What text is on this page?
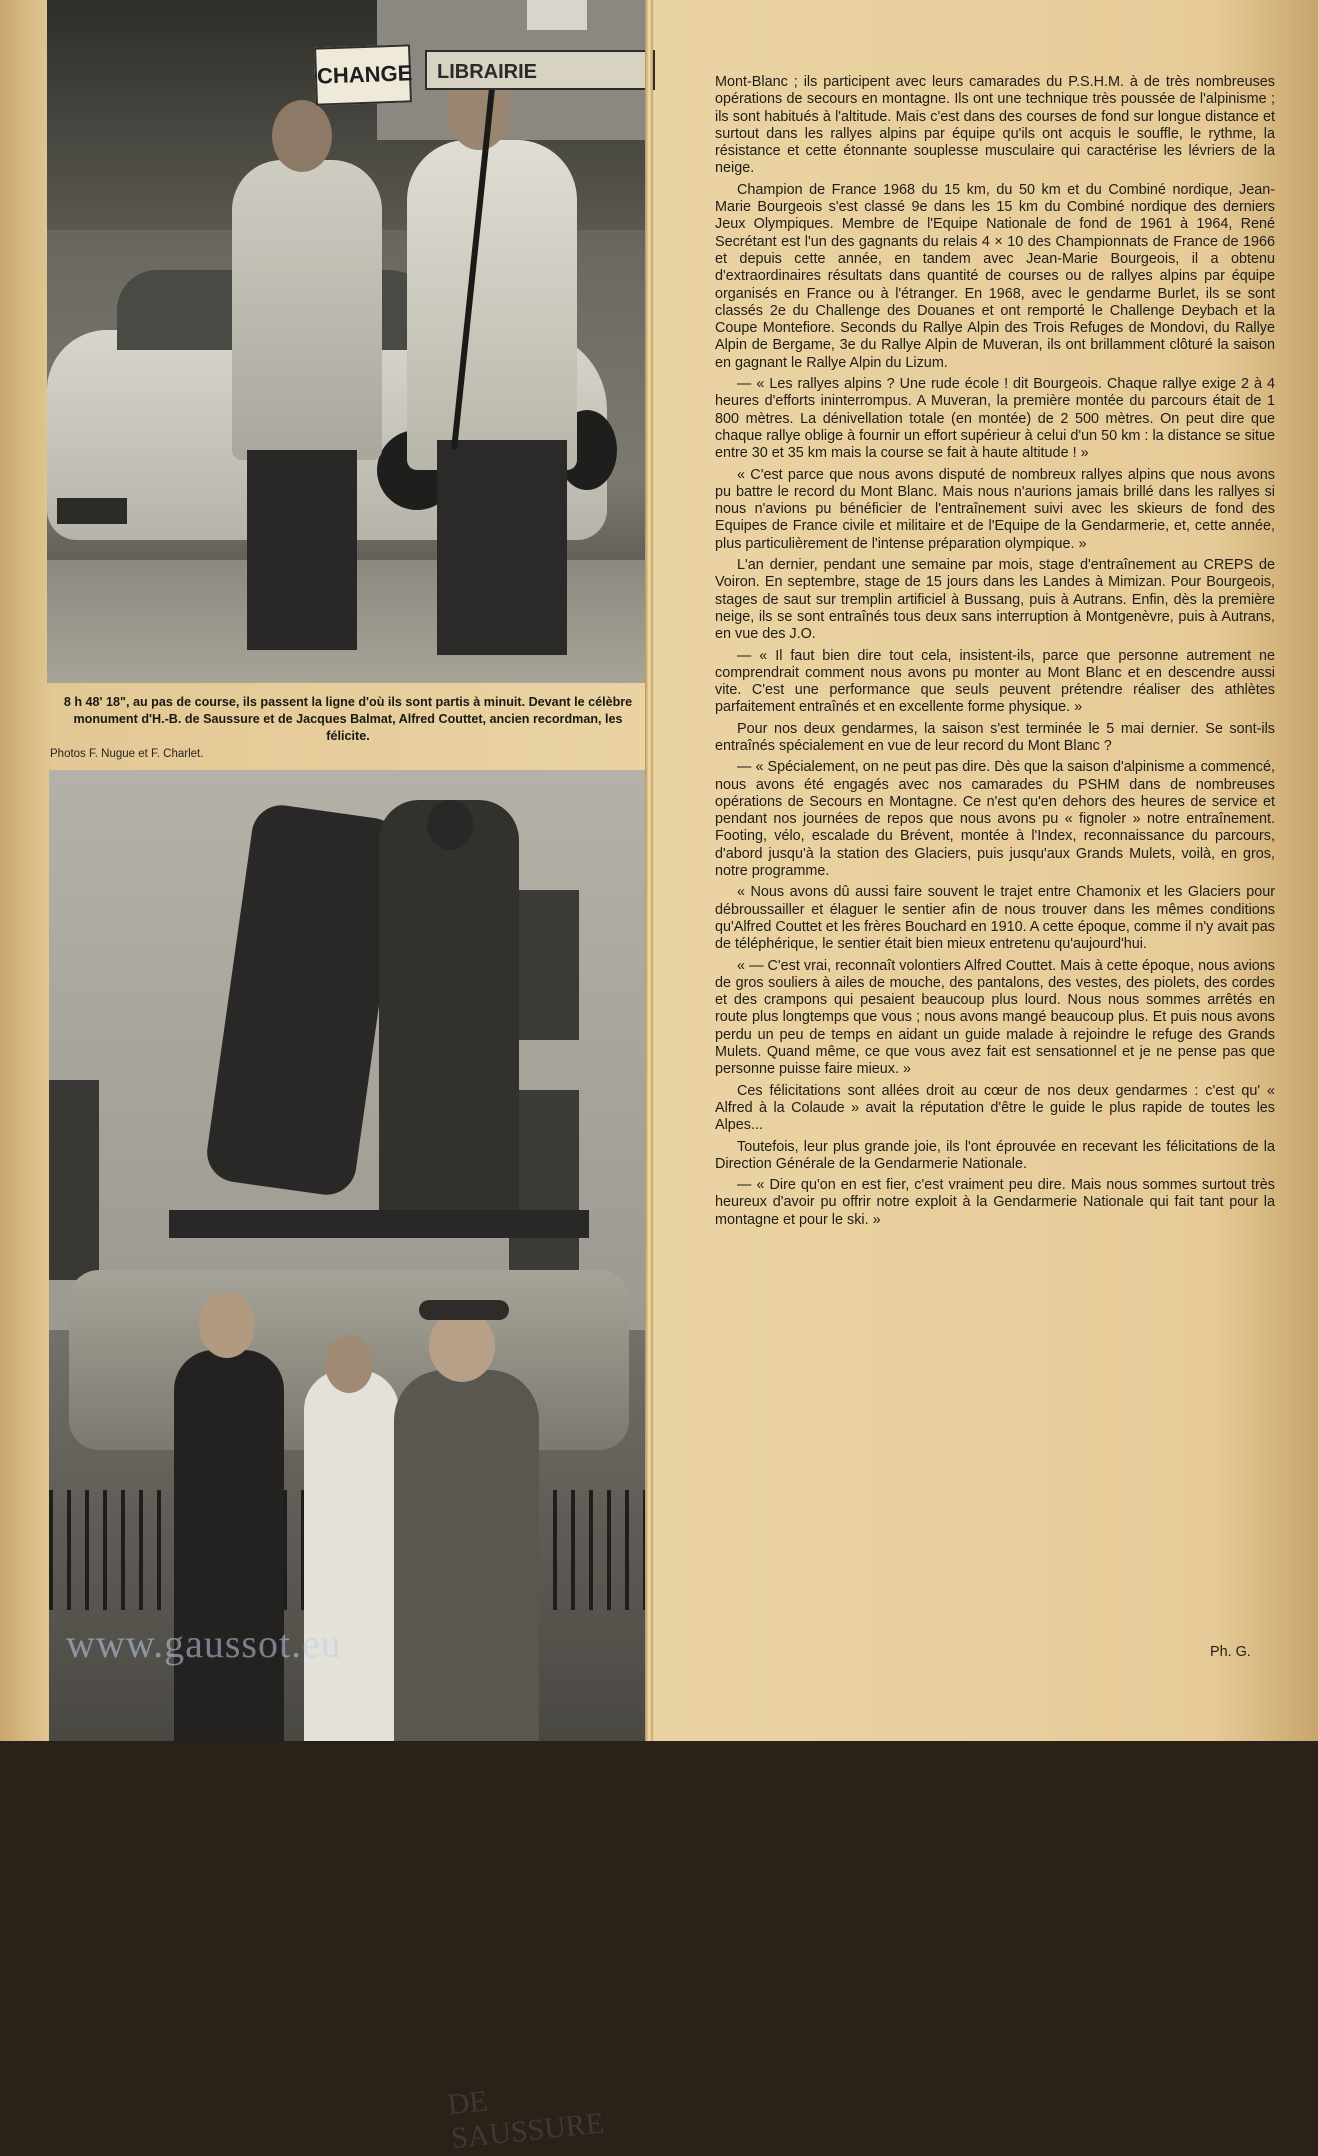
CHANGE	LIBRAIRIE
8 h 48' 18", au pas de course, ils passent la ligne d'où ils sont partis à minuit. Devant le célèbre monument d'H.-B. de Saussure et de Jacques Balmat, Alfred Couttet, ancien recordman, les félicite.
Photos F. Nugue et F. Charlet.
DE SAUSSURE
www.gaussot.eu

Mont-Blanc ; ils participent avec leurs camarades du P.S.H.M. à de très nombreuses opérations de secours en montagne. Ils ont une technique très poussée de l'alpinisme ; ils sont habitués à l'altitude. Mais c'est dans des courses de fond sur longue distance et surtout dans les rallyes alpins par équipe qu'ils ont acquis le souffle, le rythme, la résistance et cette étonnante souplesse musculaire qui caractérise les lévriers de la neige.

Champion de France 1968 du 15 km, du 50 km et du Combiné nordique, Jean-Marie Bourgeois s'est classé 9e dans les 15 km du Combiné nordique des derniers Jeux Olympiques. Membre de l'Equipe Nationale de fond de 1961 à 1964, René Secrétant est l'un des gagnants du relais 4 × 10 des Championnats de France de 1966 et depuis cette année, en tandem avec Jean-Marie Bourgeois, il a obtenu d'extraordinaires résultats dans quantité de courses ou de rallyes alpins par équipe organisés en France ou à l'étranger. En 1968, avec le gendarme Burlet, ils se sont classés 2e du Challenge des Douanes et ont remporté le Challenge Deybach et la Coupe Montefiore. Seconds du Rallye Alpin des Trois Refuges de Mondovi, du Rallye Alpin de Bergame, 3e du Rallye Alpin de Muveran, ils ont brillamment clôturé la saison en gagnant le Rallye Alpin du Lizum.

— « Les rallyes alpins ? Une rude école ! dit Bourgeois. Chaque rallye exige 2 à 4 heures d'efforts ininterrompus. A Muveran, la première montée du parcours était de 1 800 mètres. La dénivellation totale (en montée) de 2 500 mètres. On peut dire que chaque rallye oblige à fournir un effort supérieur à celui d'un 50 km : la distance se situe entre 30 et 35 km mais la course se fait à haute altitude ! »

« C'est parce que nous avons disputé de nombreux rallyes alpins que nous avons pu battre le record du Mont Blanc. Mais nous n'aurions jamais brillé dans les rallyes si nous n'avions pu bénéficier de l'entraînement suivi avec les skieurs de fond des Equipes de France civile et militaire et de l'Equipe de la Gendarmerie, et, cette année, plus particulièrement de l'intense préparation olympique. »

L'an dernier, pendant une semaine par mois, stage d'entraînement au CREPS de Voiron. En septembre, stage de 15 jours dans les Landes à Mimizan. Pour Bourgeois, stages de saut sur tremplin artificiel à Bussang, puis à Autrans. Enfin, dès la première neige, ils se sont entraînés tous deux sans interruption à Montgenèvre, puis à Autrans, en vue des J.O.

— « Il faut bien dire tout cela, insistent-ils, parce que personne autrement ne comprendrait comment nous avons pu monter au Mont Blanc et en descendre aussi vite. C'est une performance que seuls peuvent prétendre réaliser des athlètes parfaitement entraînés et en excellente forme physique. »

Pour nos deux gendarmes, la saison s'est terminée le 5 mai dernier. Se sont-ils entraînés spécialement en vue de leur record du Mont Blanc ?

— « Spécialement, on ne peut pas dire. Dès que la saison d'alpinisme a commencé, nous avons été engagés avec nos camarades du PSHM dans de nombreuses opérations de Secours en Montagne. Ce n'est qu'en dehors des heures de service et pendant nos journées de repos que nous avons pu « fignoler » notre entraînement. Footing, vélo, escalade du Brévent, montée à l'Index, reconnaissance du parcours, d'abord jusqu'à la station des Glaciers, puis jusqu'aux Grands Mulets, voilà, en gros, notre programme.

« Nous avons dû aussi faire souvent le trajet entre Chamonix et les Glaciers pour débroussailler et élaguer le sentier afin de nous trouver dans les mêmes conditions qu'Alfred Couttet et les frères Bouchard en 1910. A cette époque, comme il n'y avait pas de téléphérique, le sentier était bien mieux entretenu qu'aujourd'hui.

« — C'est vrai, reconnaît volontiers Alfred Couttet. Mais à cette époque, nous avions de gros souliers à ailes de mouche, des pantalons, des vestes, des piolets, des cordes et des crampons qui pesaient beaucoup plus lourd. Nous nous sommes arrêtés en route plus longtemps que vous ; nous avons mangé beaucoup plus. Et puis nous avons perdu un peu de temps en aidant un guide malade à rejoindre le refuge des Grands Mulets. Quand même, ce que vous avez fait est sensationnel et je ne pense pas que personne puisse faire mieux. »

Ces félicitations sont allées droit au cœur de nos deux gendarmes : c'est qu' « Alfred à la Colaude » avait la réputation d'être le guide le plus rapide de toutes les Alpes...

Toutefois, leur plus grande joie, ils l'ont éprouvée en recevant les félicitations de la Direction Générale de la Gendarmerie Nationale.

— « Dire qu'on en est fier, c'est vraiment peu dire. Mais nous sommes surtout très heureux d'avoir pu offrir notre exploit à la Gendarmerie Nationale qui fait tant pour la montagne et pour le ski. »

Ph. G.
